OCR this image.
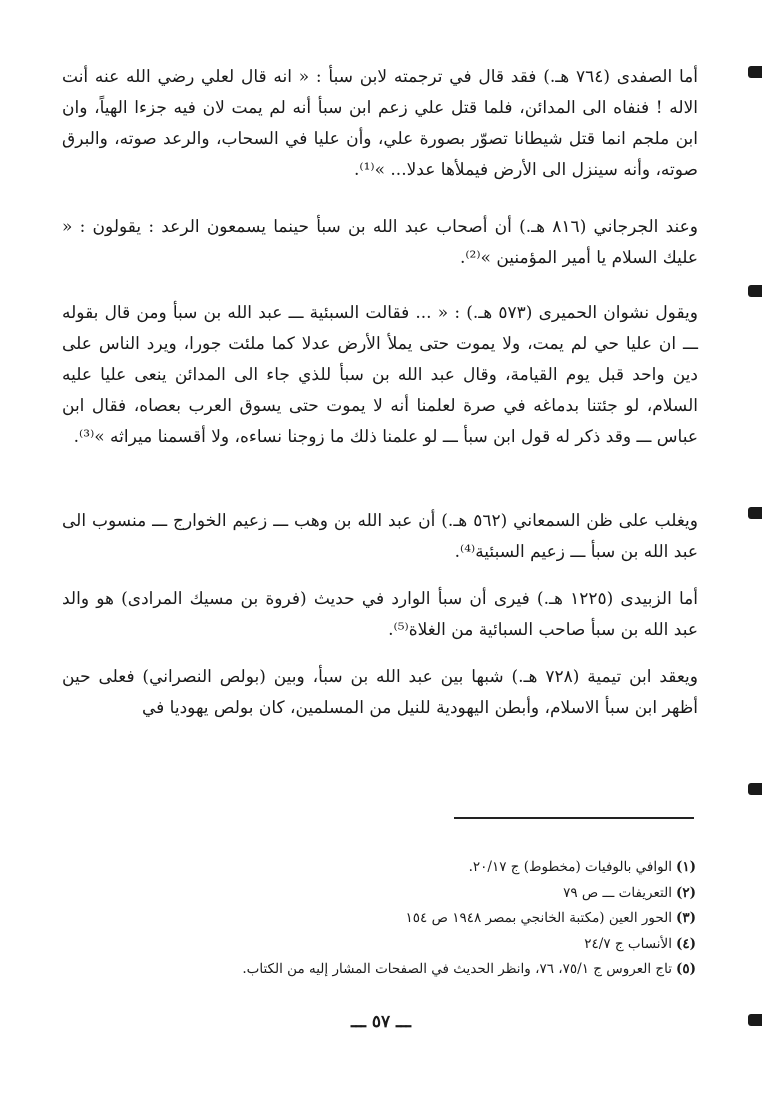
أما الصفدى (٧٦٤ هـ.) فقد قال في ترجمته لابن سبأ : « انه قال لعلي رضي الله عنه أنت الاله ! فنفاه الى المدائن، فلما قتل علي زعم ابن سبأ أنه لم يمت لان فيه جزءا الهياً، وان ابن ملجم انما قتل شيطانا تصوّر بصورة علي، وأن عليا في السحاب، والرعد صوته، والبرق صوته، وأنه سينزل الى الأرض فيملأها عدلا... »⁽¹⁾.

وعند الجرجاني (٨١٦ هـ.) أن أصحاب عبد الله بن سبأ حينما يسمعون الرعد : يقولون : « عليك السلام يا أمير المؤمنين »⁽²⁾.

ويقول نشوان الحميرى (٥٧٣ هـ.) : « ... فقالت السبئية ـــ عبد الله بن سبأ ومن قال بقوله ـــ ان عليا حي لم يمت، ولا يموت حتى يملأ الأرض عدلا كما ملئت جورا، ويرد الناس على دين واحد قبل يوم القيامة، وقال عبد الله بن سبأ للذي جاء الى المدائن ينعى عليا عليه السلام، لو جئتنا بدماغه في صرة لعلمنا أنه لا يموت حتى يسوق العرب بعصاه، فقال ابن عباس ـــ وقد ذكر له قول ابن سبأ ـــ لو علمنا ذلك ما زوجنا نساءه، ولا أقسمنا ميراثه »⁽³⁾.

ويغلب على ظن السمعاني (٥٦٢ هـ.) أن عبد الله بن وهب ـــ زعيم الخوارج ـــ منسوب الى عبد الله بن سبأ ـــ زعيم السبئية⁽⁴⁾.

أما الزبيدى (١٢٢٥ هـ.) فيرى أن سبأ الوارد في حديث (فروة بن مسيك المرادى) هو والد عبد الله بن سبأ صاحب السبائية من الغلاة⁽⁵⁾.

ويعقد ابن تيمية (٧٢٨ هـ.) شبها بين عبد الله بن سبأ، وبين (بولص النصراني) فعلى حين أظهر ابن سبأ الاسلام، وأبطن اليهودية للنيل من المسلمين، كان بولص يهوديا في

(١)الوافي بالوفيات (مخطوط) ج ٢٠/١٧.

(٢)التعريفات ـــ ص ٧٩

(٣)الحور العين (مكتبة الخانجي بمصر ١٩٤٨ ص ١٥٤

(٤)الأنساب ج ٢٤/٧

(٥)تاج العروس ج ٧٥/١، ٧٦، وانظر الحديث في الصفحات المشار إليه من الكتاب.

ـــ ٥٧ ـــ
